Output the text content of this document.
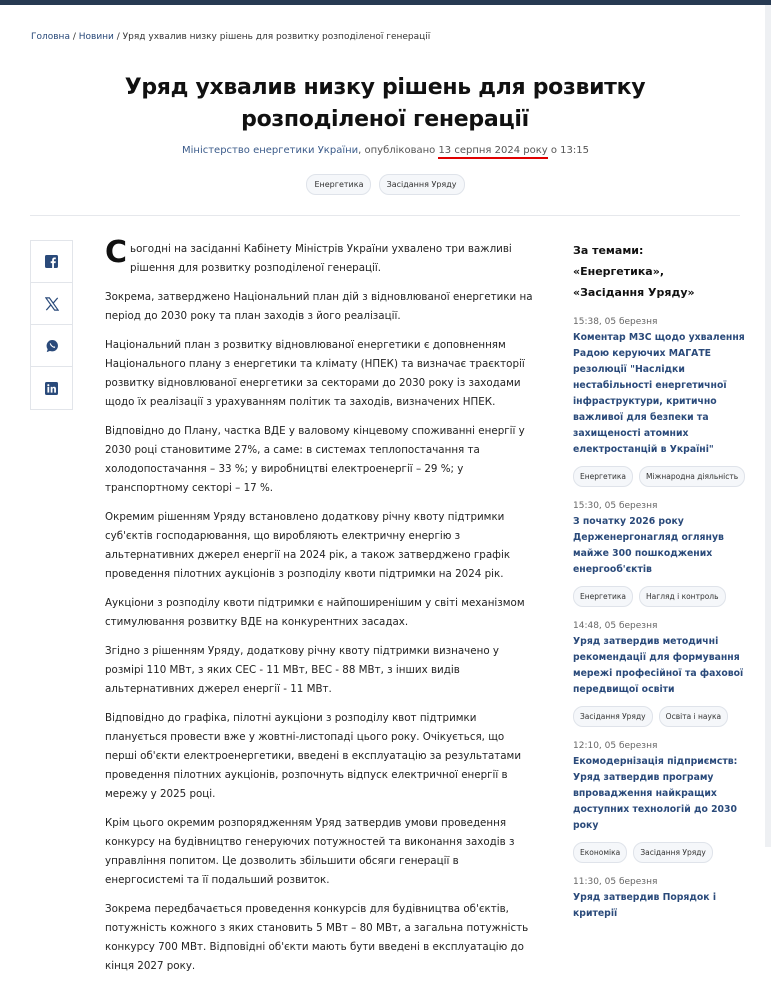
Головна / Новини / Уряд ухвалив низку рішень для розвитку розподіленої генерації
Уряд ухвалив низку рішень для розвитку розподіленої генерації
Міністерство енергетики України, опубліковано 13 серпня 2024 року о 13:15
Енергетика	Засідання Уряду

Сьогодні на засіданні Кабінету Міністрів України ухвалено три важливі рішення для розвитку розподіленої генерації.

Зокрема, затверджено Національний план дій з відновлюваної енергетики на період до 2030 року та план заходів з його реалізації.

Національний план з розвитку відновлюваної енергетики є доповненням Національного плану з енергетики та клімату (НПЕК) та визначає траєкторії розвитку відновлюваної енергетики за секторами до 2030 року із заходами щодо їх реалізації з урахуванням політик та заходів, визначених НПЕК.

Відповідно до Плану, частка ВДЕ у валовому кінцевому споживанні енергії у 2030 році становитиме 27%, а саме: в системах теплопостачання та холодопостачання – 33 %; у виробництві електроенергії – 29 %; у транспортному секторі – 17 %.

Окремим рішенням Уряду встановлено додаткову річну квоту підтримки суб'єктів господарювання, що виробляють електричну енергію з альтернативних джерел енергії на 2024 рік, а також затверджено графік проведення пілотних аукціонів з розподілу квоти підтримки на 2024 рік.

Аукціони з розподілу квоти підтримки є найпоширенішим у світі механізмом стимулювання розвитку ВДЕ на конкурентних засадах.

Згідно з рішенням Уряду, додаткову річну квоту підтримки визначено у розмірі 110 МВт, з яких СЕС - 11 МВт, ВЕС - 88 МВт, з інших видів альтернативних джерел енергії - 11 МВт.

Відповідно до графіка, пілотні аукціони з розподілу квот підтримки планується провести вже у жовтні-листопаді цього року. Очікується, що перші об'єкти електроенергетики, введені в експлуатацію за результатами проведення пілотних аукціонів, розпочнуть відпуск електричної енергії в мережу у 2025 році.

Крім цього окремим розпорядженням Уряд затвердив умови проведення конкурсу на будівництво генеруючих потужностей та виконання заходів з управління попитом. Це дозволить збільшити обсяги генерації в енергосистемі та її подальший розвиток.

Зокрема передбачається проведення конкурсів для будівництва об'єктів, потужність кожного з яких становить 5 МВт – 80 МВт, а загальна потужність конкурсу 700 МВт. Відповідні об'єкти мають бути введені в експлуатацію до кінця 2027 року.

За темами:
«Енергетика»,
«Засідання Уряду»
15:38, 05 березня
Коментар МЗС щодо ухвалення Радою керуючих МАГАТЕ резолюції "Наслідки нестабільності енергетичної інфраструктури, критично важливої для безпеки та захищеності атомних електростанцій в Україні"
Енергетика	Міжнародна діяльність
15:30, 05 березня
З початку 2026 року Держенергонагляд оглянув майже 300 пошкоджених енергооб'єктів
Енергетика	Нагляд і контроль
14:48, 05 березня
Уряд затвердив методичні рекомендації для формування мережі професійної та фахової передвищої освіти
Засідання Уряду	Освіта і наука
12:10, 05 березня
Екомодернізація підприємств: Уряд затвердив програму впровадження найкращих доступних технологій до 2030 року
Економіка	Засідання Уряду
11:30, 05 березня
Уряд затвердив Порядок і критерії
